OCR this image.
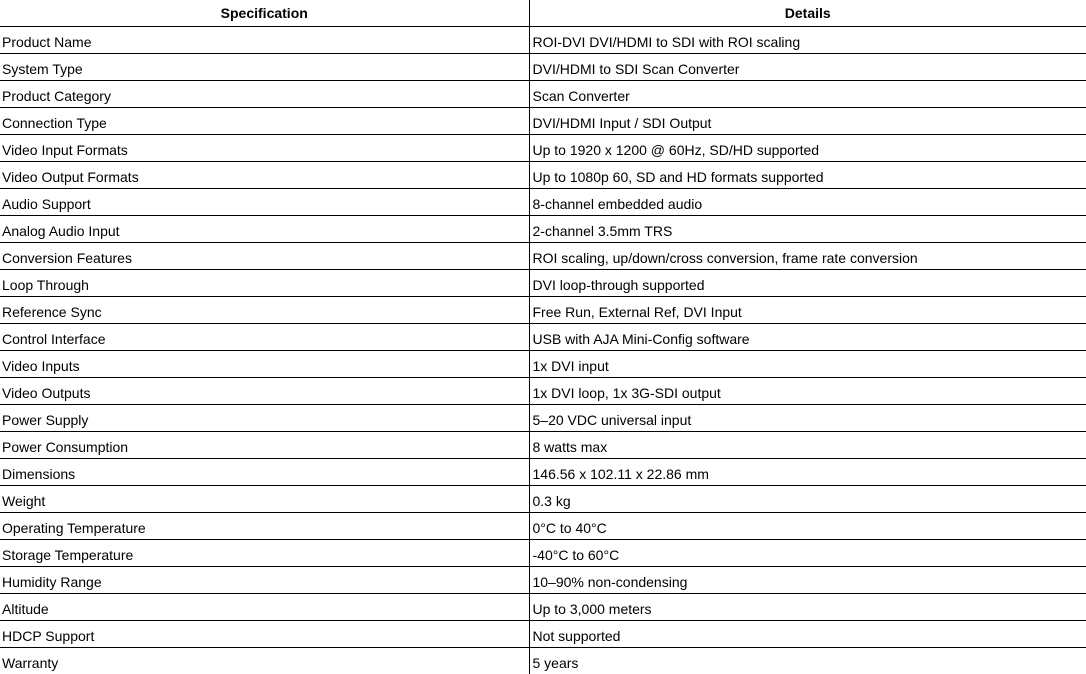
Specification	Details
Product Name	ROI-DVI DVI/HDMI to SDI with ROI scaling
System Type	DVI/HDMI to SDI Scan Converter
Product Category	Scan Converter
Connection Type	DVI/HDMI Input / SDI Output
Video Input Formats	Up to 1920 x 1200 @ 60Hz, SD/HD supported
Video Output Formats	Up to 1080p 60, SD and HD formats supported
Audio Support	8-channel embedded audio
Analog Audio Input	2-channel 3.5mm TRS
Conversion Features	ROI scaling, up/down/cross conversion, frame rate conversion
Loop Through	DVI loop-through supported
Reference Sync	Free Run, External Ref, DVI Input
Control Interface	USB with AJA Mini-Config software
Video Inputs	1x DVI input
Video Outputs	1x DVI loop, 1x 3G-SDI output
Power Supply	5–20 VDC universal input
Power Consumption	8 watts max
Dimensions	146.56 x 102.11 x 22.86 mm
Weight	0.3 kg
Operating Temperature	0°C to 40°C
Storage Temperature	-40°C to 60°C
Humidity Range	10–90% non-condensing
Altitude	Up to 3,000 meters
HDCP Support	Not supported
Warranty	5 years
